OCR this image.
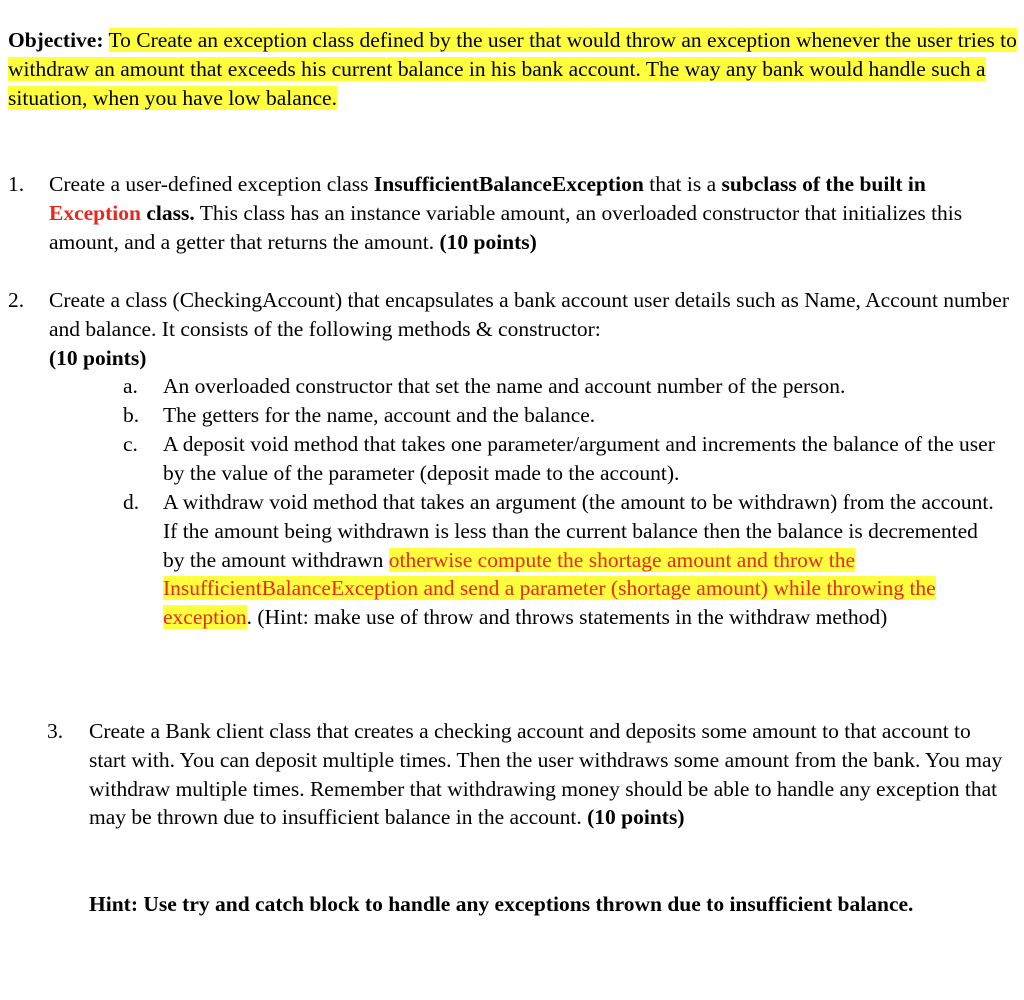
Objective: To Create an exception class defined by the user that would throw an exception whenever the user tries to withdraw an amount that exceeds his current balance in his bank account. The way any bank would handle such a situation, when you have low balance.
1. Create a user-defined exception class InsufficientBalanceException that is a subclass of the built in Exception class. This class has an instance variable amount, an overloaded constructor that initializes this amount, and a getter that returns the amount. (10 points)
2. Create a class (CheckingAccount) that encapsulates a bank account user details such as Name, Account number and balance. It consists of the following methods & constructor:
(10 points)
a. An overloaded constructor that set the name and account number of the person.
b. The getters for the name, account and the balance.
c. A deposit void method that takes one parameter/argument and increments the balance of the user by the value of the parameter (deposit made to the account).
d. A withdraw void method that takes an argument (the amount to be withdrawn) from the account. If the amount being withdrawn is less than the current balance then the balance is decremented by the amount withdrawn otherwise compute the shortage amount and throw the InsufficientBalanceException and send a parameter (shortage amount) while throwing the exception. (Hint: make use of throw and throws statements in the withdraw method)
3. Create a Bank client class that creates a checking account and deposits some amount to that account to start with. You can deposit multiple times. Then the user withdraws some amount from the bank. You may withdraw multiple times. Remember that withdrawing money should be able to handle any exception that may be thrown due to insufficient balance in the account. (10 points)
Hint: Use try and catch block to handle any exceptions thrown due to insufficient balance.
